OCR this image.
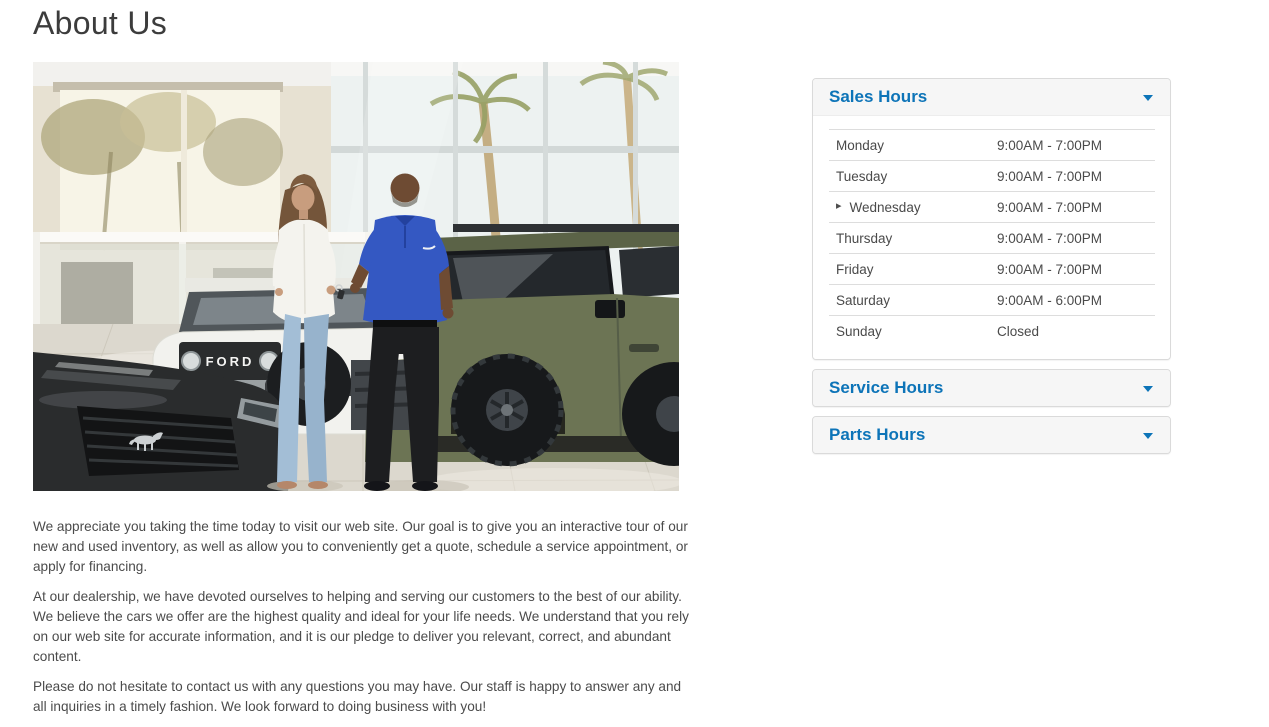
About Us
FORD

We appreciate you taking the time today to visit our web site. Our goal is to give you an interactive tour of our new and used inventory, as well as allow you to conveniently get a quote, schedule a service appointment, or apply for financing.

At our dealership, we have devoted ourselves to helping and serving our customers to the best of our ability. We believe the cars we offer are the highest quality and ideal for your life needs. We understand that you rely on our web site for accurate information, and it is our pledge to deliver you relevant, correct, and abundant content.

Please do not hesitate to contact us with any questions you may have. Our staff is happy to answer any and all inquiries in a timely fashion. We look forward to doing business with you!

Sales Hours
Monday	9:00AM - 7:00PM
Tuesday	9:00AM - 7:00PM
▸ Wednesday	9:00AM - 7:00PM
Thursday	9:00AM - 7:00PM
Friday	9:00AM - 7:00PM
Saturday	9:00AM - 6:00PM
Sunday	Closed
Service Hours
Parts Hours
